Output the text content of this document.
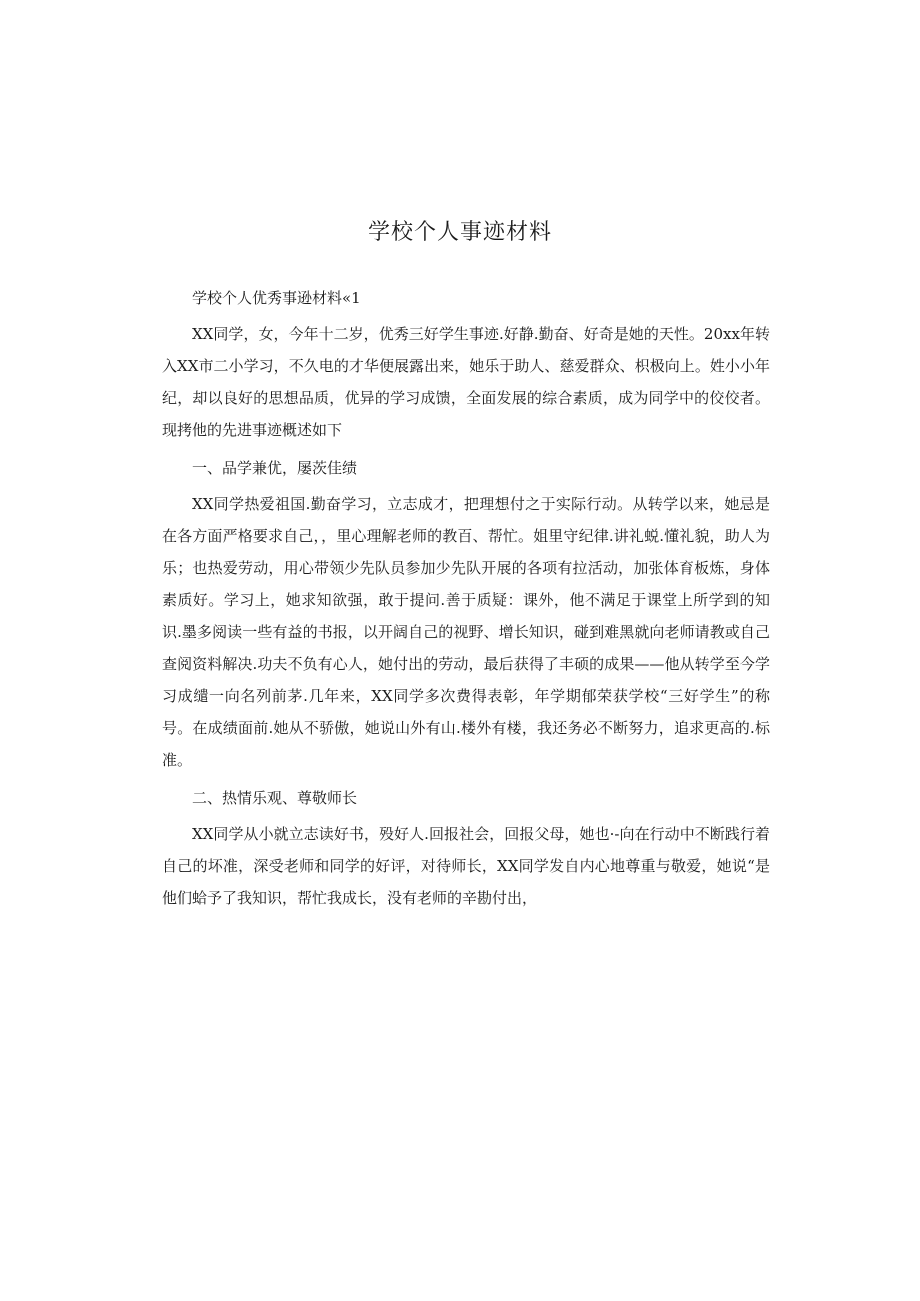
学校个人事迹材料

学校个人优秀事逊材料«1

XX同学，女，今年十二岁，优秀三好学生事迹.好静.勤奋、好奇是她的天性。20xx年转入XX市二小学习，不久电的才华便展露出来，她乐于助人、慈爱群众、枳极向上。姓小小年纪，却以良好的思想品质，优异的学习成馈，全面发展的综合素质，成为同学中的佼佼者。现拷他的先进事迹概述如下

一、品学兼优，屡茨佳绩

XX同学热爱祖国.勤奋学习，立志成才，把理想付之于实际行动。从转学以来，她忌是在各方面严格要求自己，，里心理解老师的教百、帮忙。姐里守纪律.讲礼蜕.懂礼貌，助人为乐；也热爱劳动，用心带领少先队员参加少先队开展的各项有拉活动，加张体育板炼，身体素质好。学习上，她求知欲强，敢于提问.善于质疑：课外，他不满足于课堂上所学到的知识.墨多阅读一些有益的书报，以开阔自己的视野、增长知识，碰到难黑就向老师请教或自己查阅资料解决.功夫不负有心人，她付出的劳动，最后获得了丰硕的成果——他从转学至今学习成缱一向名列前茅.几年来，XX同学多次费得表彰，年学期郁荣获学校“三好学生”的称号。在成绩面前.她从不骄傲，她说山外有山.楼外有楼，我还务必不断努力，追求更高的.标准。

二、热情乐观、尊敬师长

XX同学从小就立志读好书，殁好人.回报社会，回报父母，她也·-向在行动中不断践行着自己的坏准，深受老师和同学的好评，对待师长，XX同学发自内心地尊重与敬爱，她说“是他们蛤予了我知识，帮忙我成长，没有老师的辛勘付出，
